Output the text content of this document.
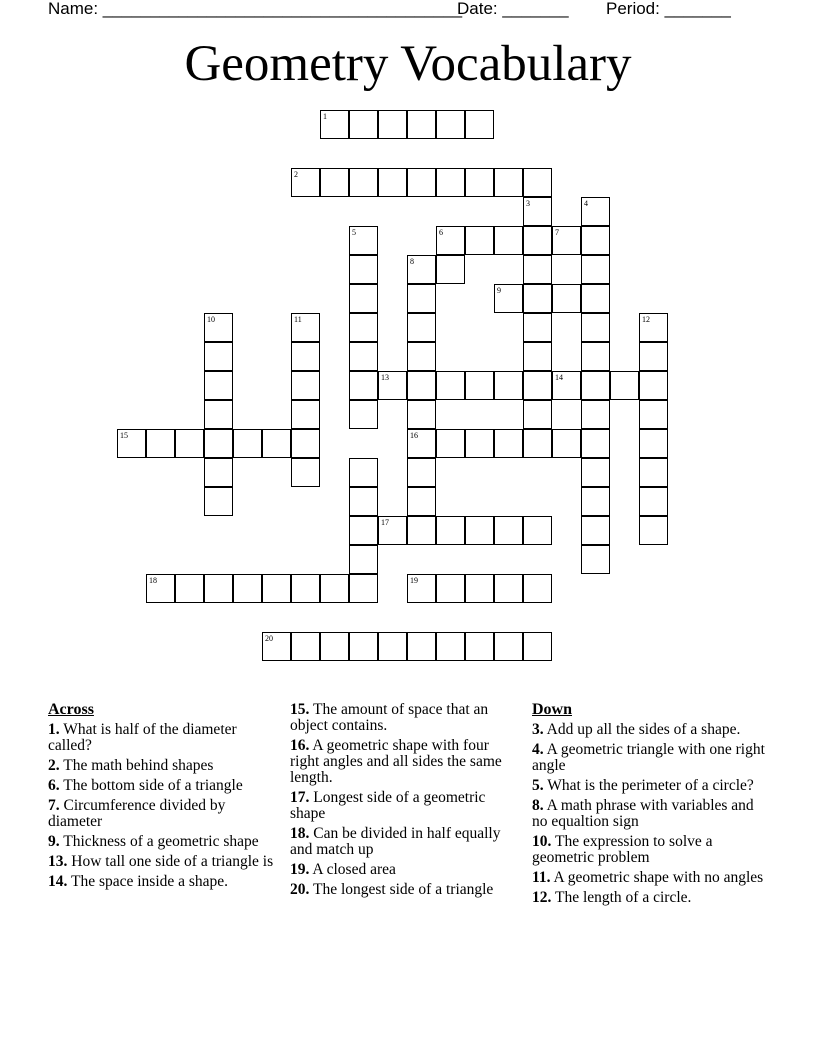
Name: ______________________________________
Date: _______ Period: _______
Geometry Vocabulary
1
2
3	4
5	6	7
8
9
10	11	12
13	14
15	16
17
18	19
20
Across
1. What is half of the diameter called?
2. The math behind shapes
6. The bottom side of a triangle
7. Circumference divided by diameter
9. Thickness of a geometric shape
13. How tall one side of a triangle is
14. The space inside a shape.
15. The amount of space that an object contains.
16. A geometric shape with four right angles and all sides the same length.
17. Longest side of a geometric shape
18. Can be divided in half equally and match up
19. A closed area
20. The longest side of a triangle
Down
3. Add up all the sides of a shape.
4. A geometric triangle with one right angle
5. What is the perimeter of a circle?
8. A math phrase with variables and no equaltion sign
10. The expression to solve a geometric problem
11. A geometric shape with no angles
12. The length of a circle.
